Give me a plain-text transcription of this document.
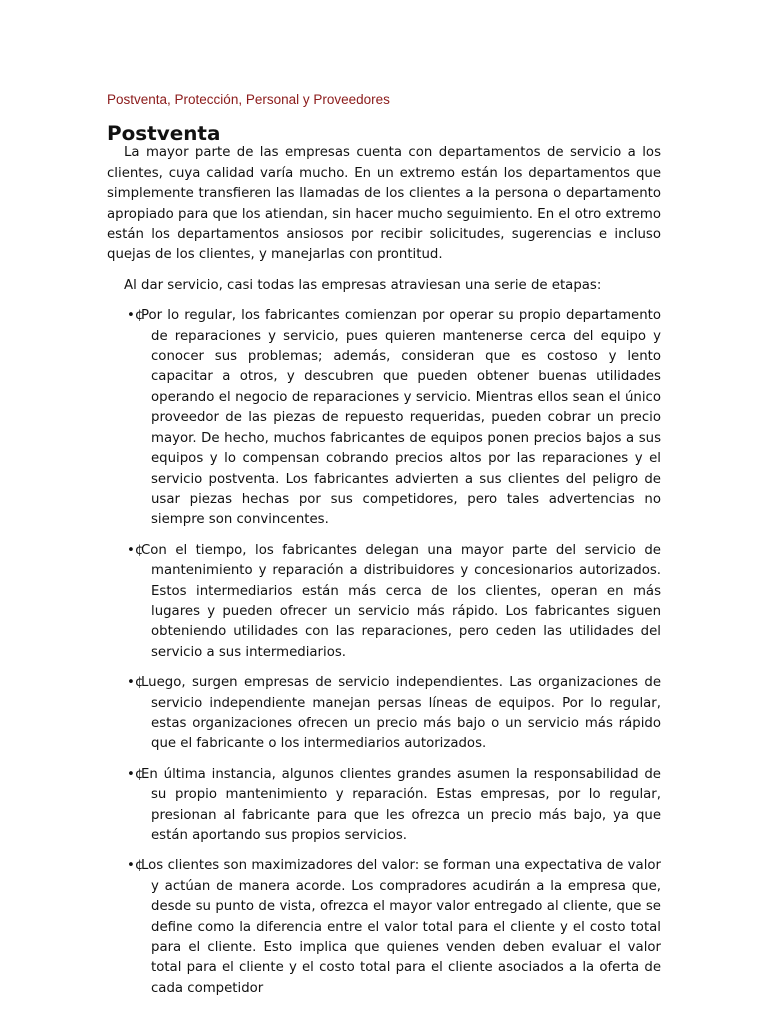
Postventa, Protección, Personal y Proveedores
Postventa

La mayor parte de las empresas cuenta con departamentos de servicio a los clientes, cuya calidad varía mucho. En un extremo están los departamentos que simplemente transfieren las llamadas de los clientes a la persona o departamento apropiado para que los atiendan, sin hacer mucho seguimiento. En el otro extremo están los departamentos ansiosos por recibir solicitudes, sugerencias e incluso quejas de los clientes, y manejarlas con prontitud.

Al dar servicio, casi todas las empresas atraviesan una serie de etapas:

•¢
Por lo regular, los fabricantes comienzan por operar su propio departamento de reparaciones y servicio, pues quieren mantenerse cerca del equipo y conocer sus problemas; además, consideran que es costoso y lento capacitar a otros, y descubren que pueden obtener buenas utilidades operando el negocio de reparaciones y servicio. Mientras ellos sean el único proveedor de las piezas de repuesto requeridas, pueden cobrar un precio mayor. De hecho, muchos fabricantes de equipos ponen precios bajos a sus equipos y lo compensan cobrando precios altos por las reparaciones y el servicio postventa. Los fabricantes advierten a sus clientes del peligro de usar piezas hechas por sus competidores, pero tales advertencias no siempre son convincentes.
•¢
Con el tiempo, los fabricantes delegan una mayor parte del servicio de mantenimiento y reparación a distribuidores y concesionarios autorizados. Estos intermediarios están más cerca de los clientes, operan en más lugares y pueden ofrecer un servicio más rápido. Los fabricantes siguen obteniendo utilidades con las reparaciones, pero ceden las utilidades del servicio a sus intermediarios.
•¢
Luego, surgen empresas de servicio independientes. Las organizaciones de servicio independiente manejan persas líneas de equipos. Por lo regular, estas organizaciones ofrecen un precio más bajo o un servicio más rápido que el fabricante o los intermediarios autorizados.
•¢
En última instancia, algunos clientes grandes asumen la responsabilidad de su propio mantenimiento y reparación. Estas empresas, por lo regular, presionan al fabricante para que les ofrezca un precio más bajo, ya que están aportando sus propios servicios.
•¢
Los clientes son maximizadores del valor: se forman una expectativa de valor y actúan de manera acorde. Los compradores acudirán a la empresa que, desde su punto de vista, ofrezca el mayor valor entregado al cliente, que se define como la diferencia entre el valor total para el cliente y el costo total para el cliente. Esto implica que quienes venden deben evaluar el valor total para el cliente y el costo total para el cliente asociados a la oferta de cada competidor
